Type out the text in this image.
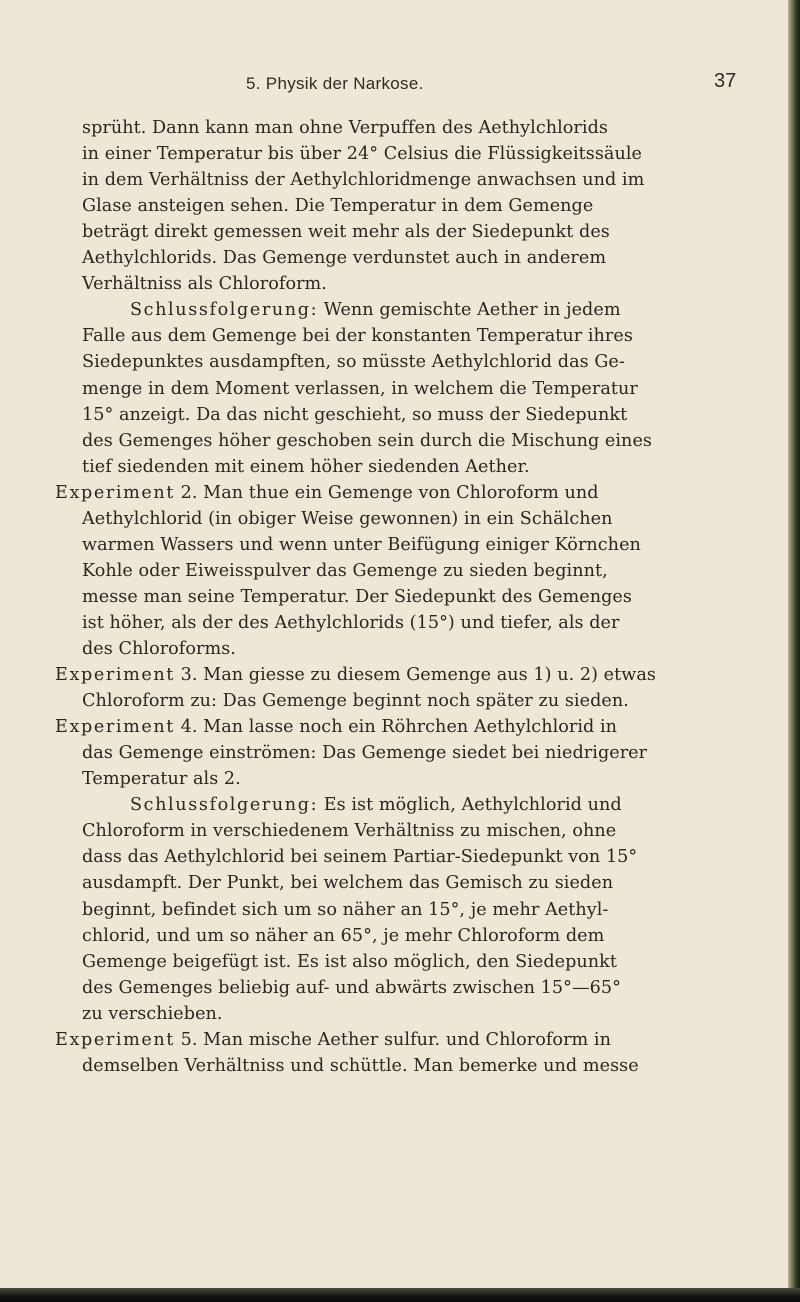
5. Physik der Narkose.	37
sprüht. Dann kann man ohne Verpuffen des Aethylchlorids
in einer Temperatur bis über 24° Celsius die Flüssigkeitssäule
in dem Verhältniss der Aethylchloridmenge anwachsen und im
Glase ansteigen sehen. Die Temperatur in dem Gemenge
beträgt direkt gemessen weit mehr als der Siedepunkt des
Aethylchlorids. Das Gemenge verdunstet auch in anderem
Verhältniss als Chloroform.
Schlussfolgerung: Wenn gemischte Aether in jedem
Falle aus dem Gemenge bei der konstanten Temperatur ihres
Siedepunktes ausdampften, so müsste Aethylchlorid das Ge-
menge in dem Moment verlassen, in welchem die Temperatur
15° anzeigt. Da das nicht geschieht, so muss der Siedepunkt
des Gemenges höher geschoben sein durch die Mischung eines
tief siedenden mit einem höher siedenden Aether.
Experiment 2. Man thue ein Gemenge von Chloroform und
Aethylchlorid (in obiger Weise gewonnen) in ein Schälchen
warmen Wassers und wenn unter Beifügung einiger Körnchen
Kohle oder Eiweisspulver das Gemenge zu sieden beginnt,
messe man seine Temperatur. Der Siedepunkt des Gemenges
ist höher, als der des Aethylchlorids (15°) und tiefer, als der
des Chloroforms.
Experiment 3. Man giesse zu diesem Gemenge aus 1) u. 2) etwas
Chloroform zu: Das Gemenge beginnt noch später zu sieden.
Experiment 4. Man lasse noch ein Röhrchen Aethylchlorid in
das Gemenge einströmen: Das Gemenge siedet bei niedrigerer
Temperatur als 2.
Schlussfolgerung: Es ist möglich, Aethylchlorid und
Chloroform in verschiedenem Verhältniss zu mischen, ohne
dass das Aethylchlorid bei seinem Partiar-Siedepunkt von 15°
ausdampft. Der Punkt, bei welchem das Gemisch zu sieden
beginnt, befindet sich um so näher an 15°, je mehr Aethyl-
chlorid, und um so näher an 65°, je mehr Chloroform dem
Gemenge beigefügt ist. Es ist also möglich, den Siedepunkt
des Gemenges beliebig auf- und abwärts zwischen 15°—65°
zu verschieben.
Experiment 5. Man mische Aether sulfur. und Chloroform in
demselben Verhältniss und schüttle. Man bemerke und messe
